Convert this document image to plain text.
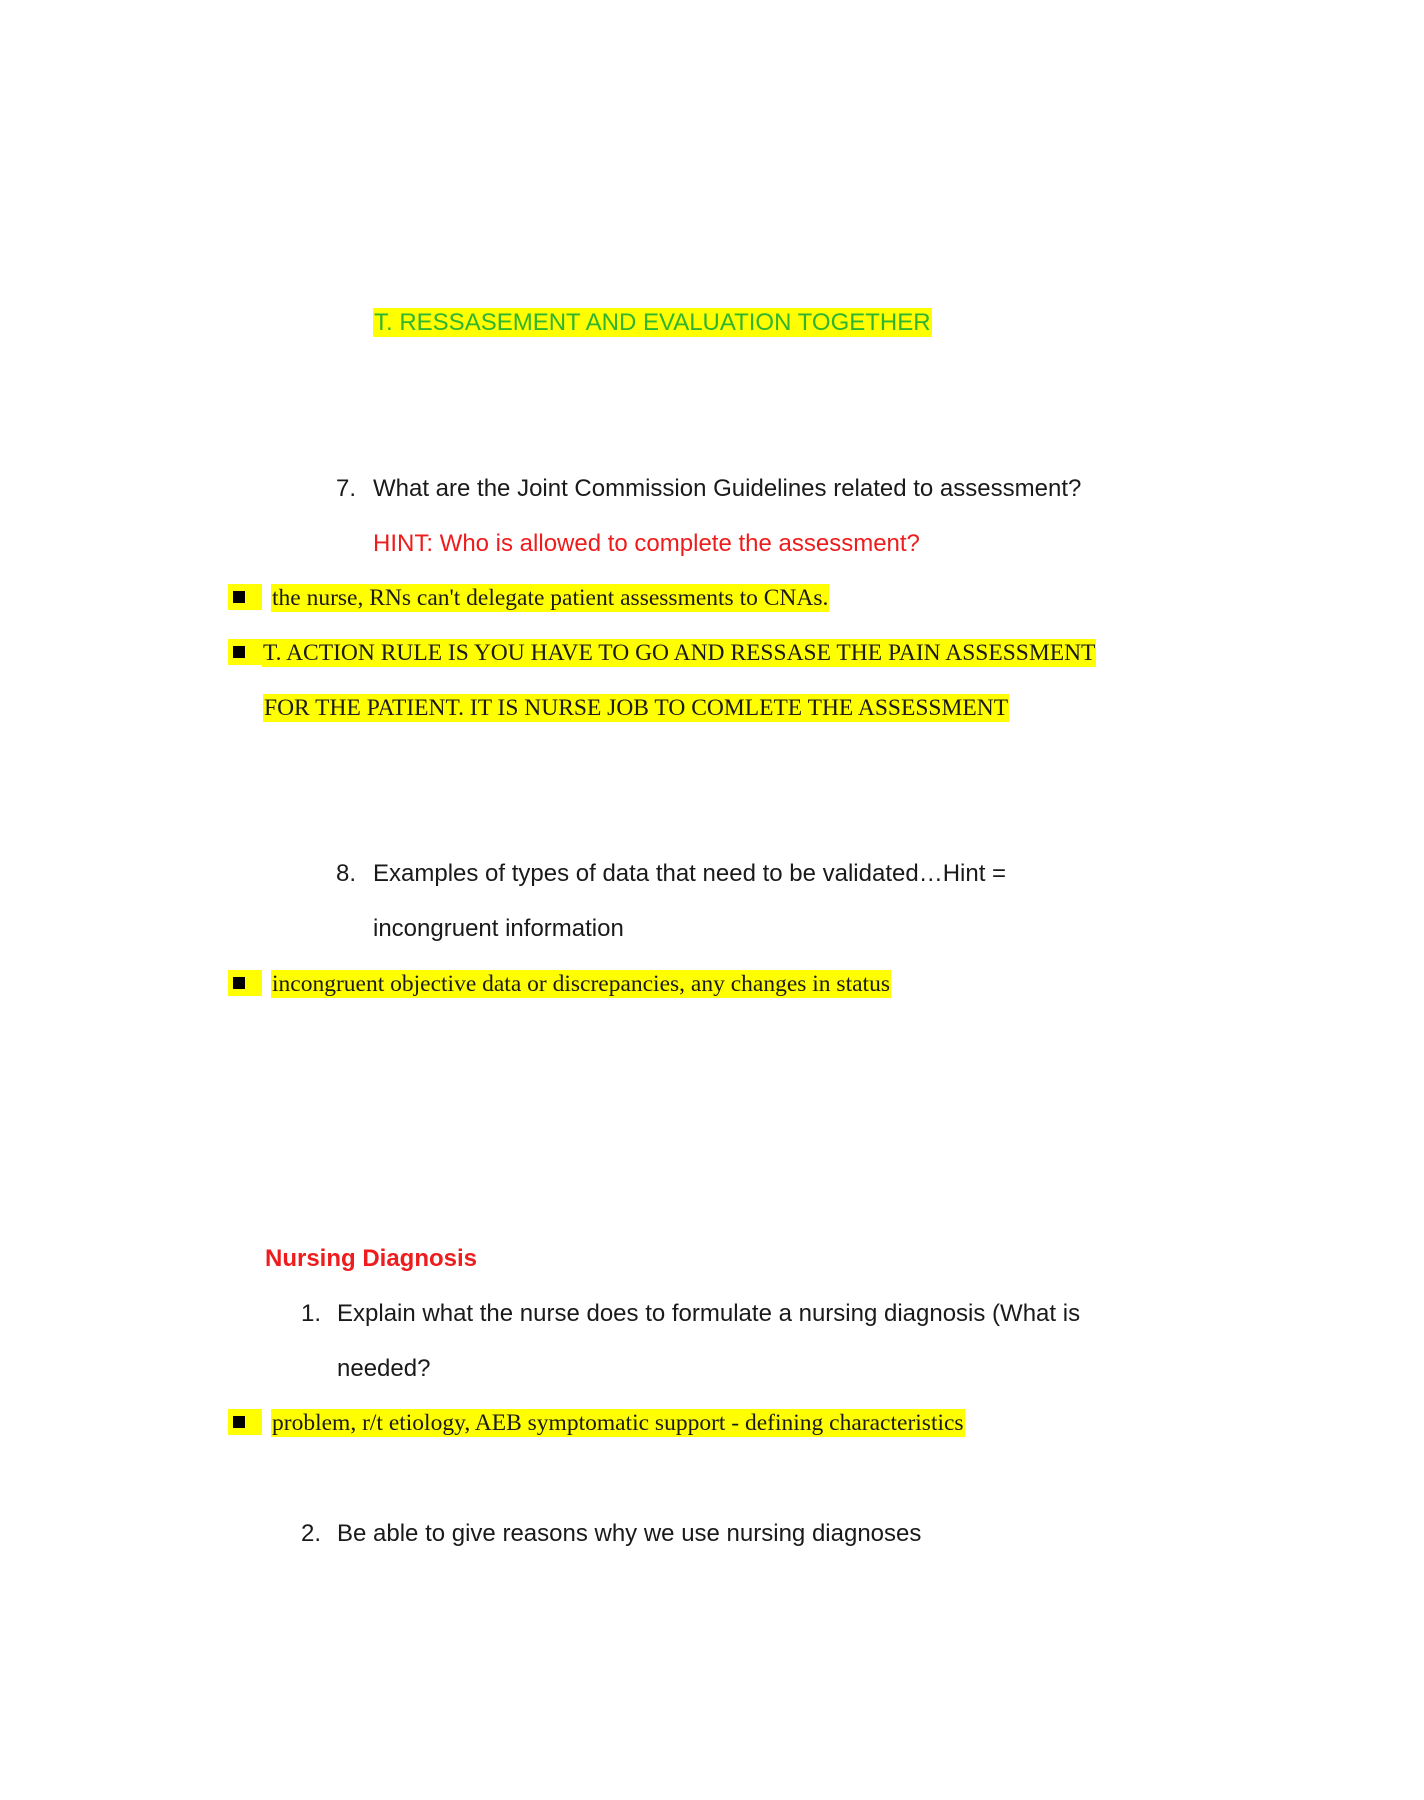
T. RESSASEMENT AND EVALUATION TOGETHER
7. What are the Joint Commission Guidelines related to assessment?
HINT: Who is allowed to complete the assessment?
the nurse, RNs can't delegate patient assessments to CNAs.
T. ACTION RULE IS YOU HAVE TO GO AND RESSASE THE PAIN ASSESSMENT
FOR THE PATIENT. IT IS NURSE JOB TO COMLETE THE ASSESSMENT
8. Examples of types of data that need to be validated…Hint =
incongruent information
incongruent objective data or discrepancies, any changes in status
Nursing Diagnosis
1. Explain what the nurse does to formulate a nursing diagnosis (What is
needed?
problem, r/t etiology, AEB symptomatic support - defining characteristics
2. Be able to give reasons why we use nursing diagnoses
